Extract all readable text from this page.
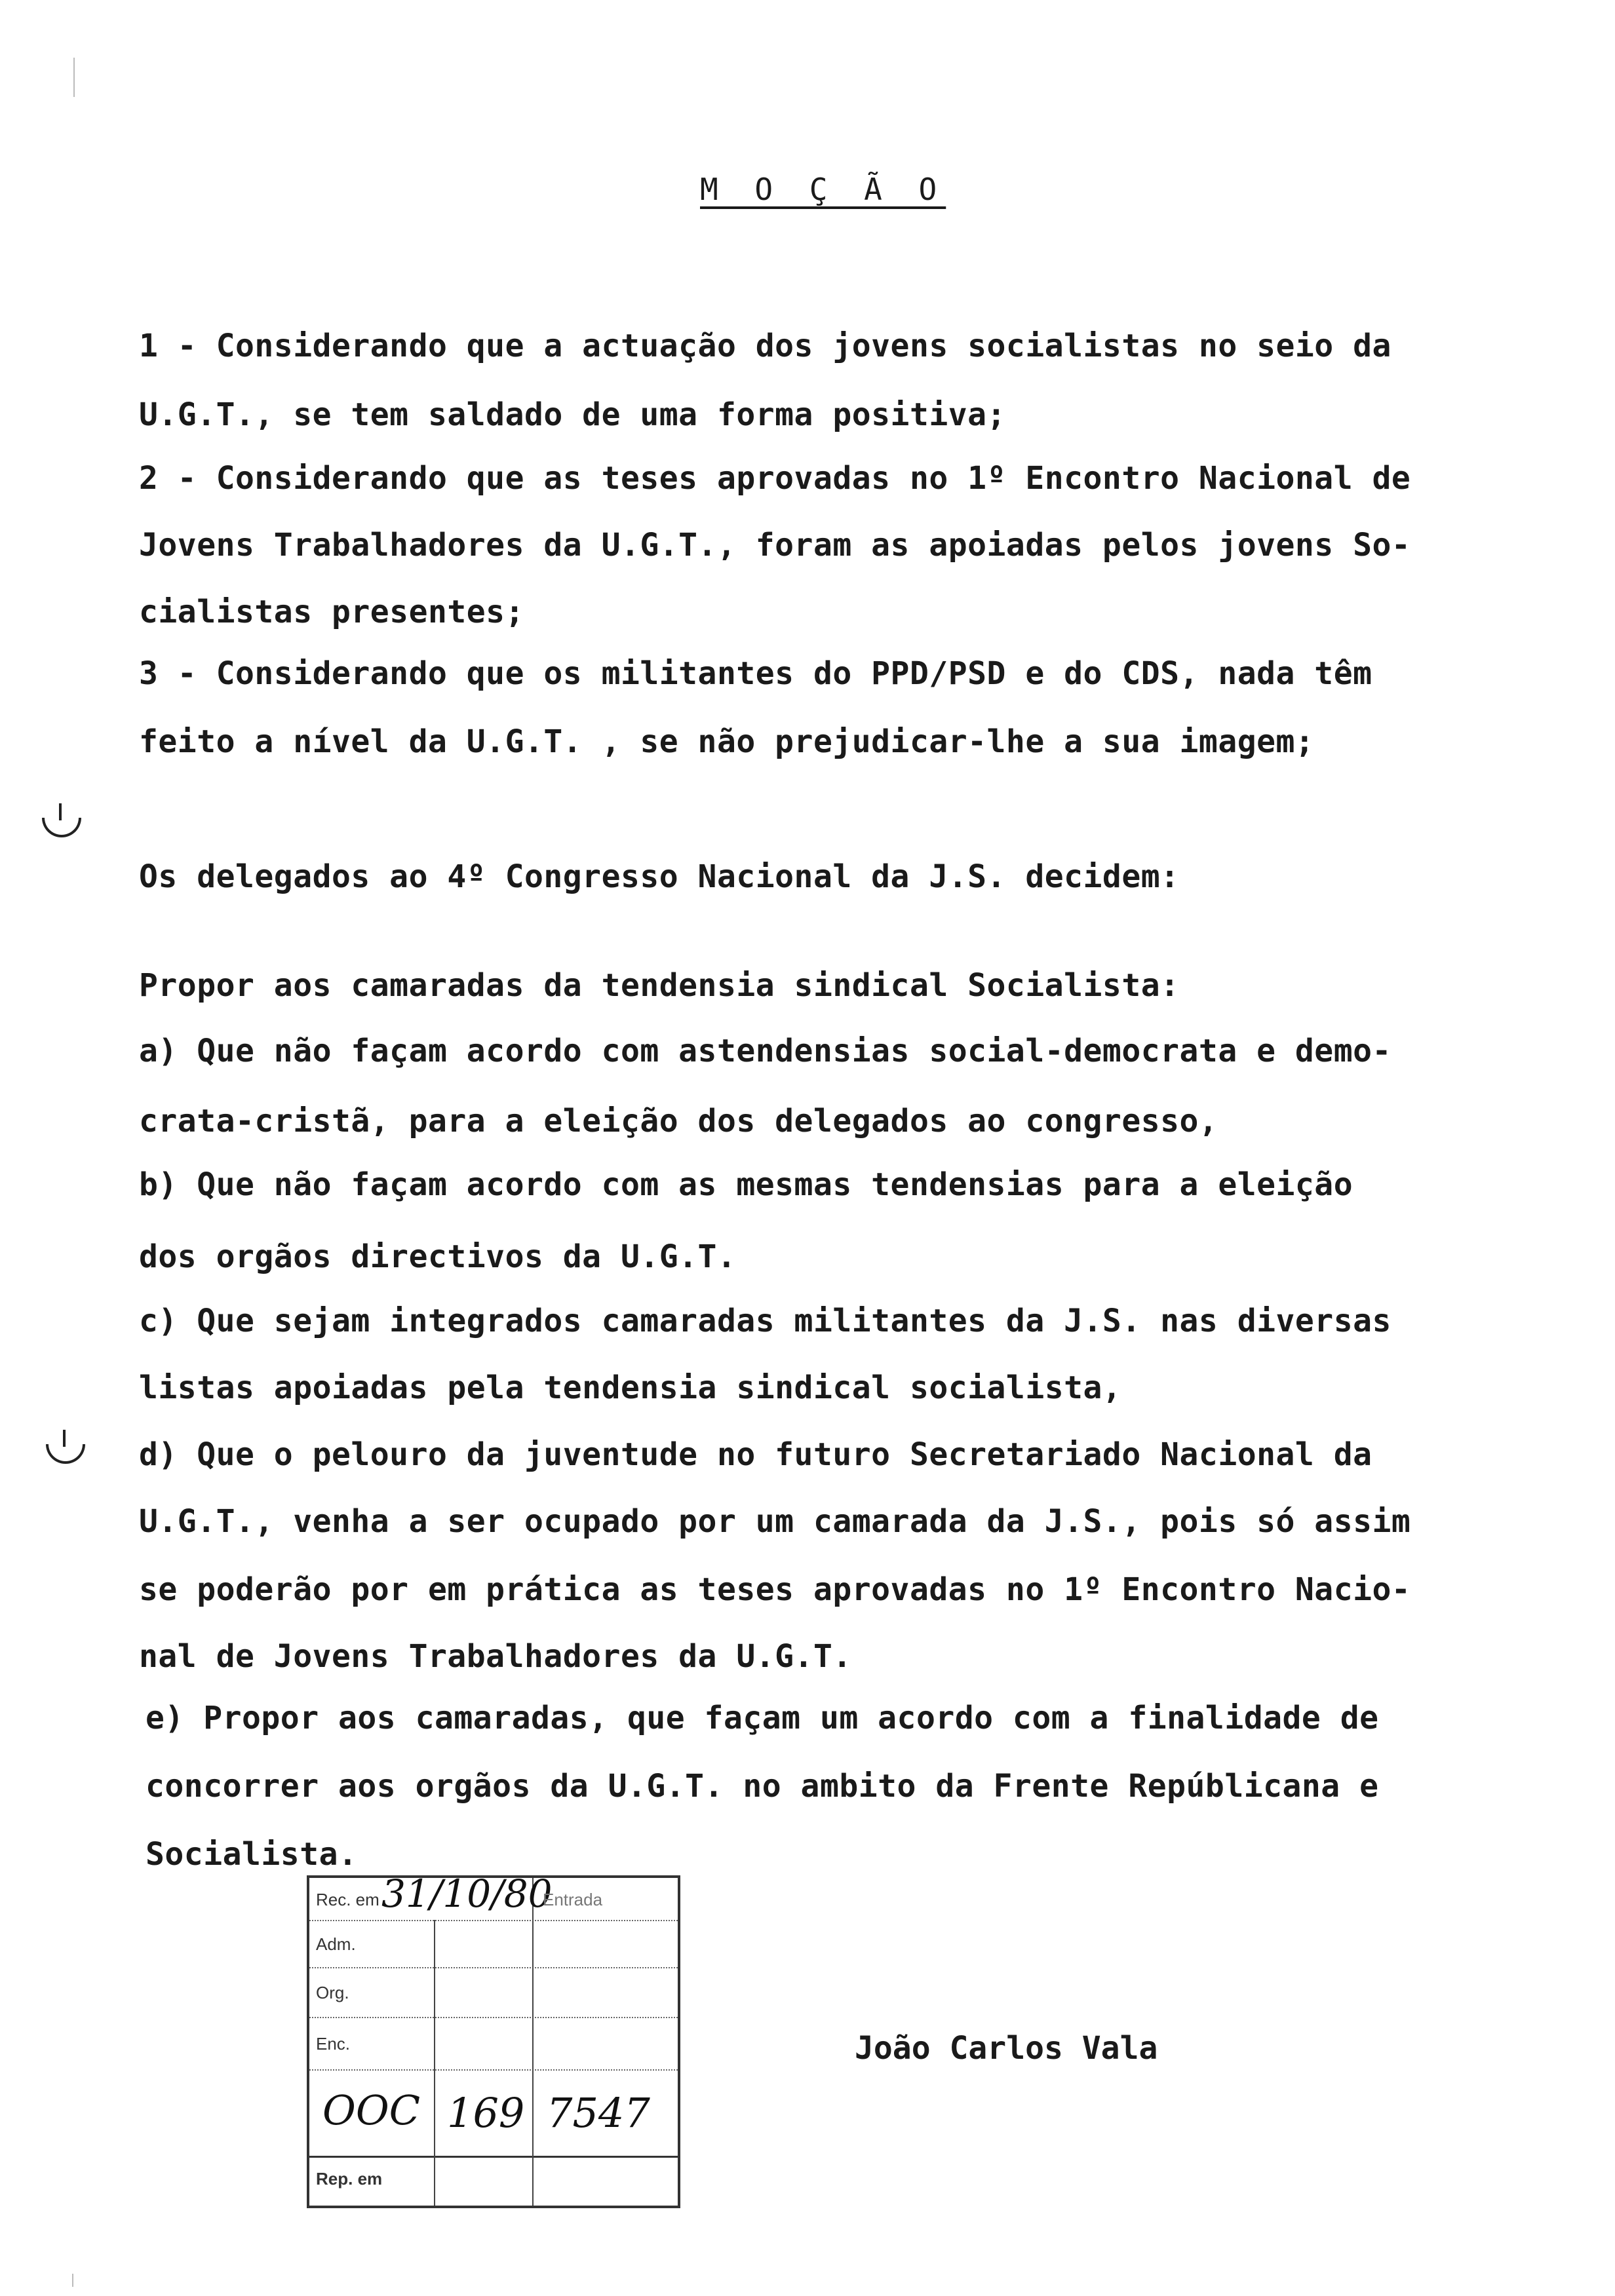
M O Ç Ã O
1 - Considerando que a actuação dos jovens socialistas no seio da
U.G.T., se tem saldado de uma forma positiva;
2 - Considerando que as teses aprovadas no 1º Encontro Nacional de
Jovens Trabalhadores da U.G.T., foram as apoiadas pelos jovens So-
cialistas presentes;
3 - Considerando que os militantes do PPD/PSD e do CDS, nada têm
feito a nível da U.G.T. , se não prejudicar-lhe a sua imagem;
Os delegados ao 4º Congresso Nacional da J.S. decidem:
Propor aos camaradas da tendensia sindical Socialista:
a) Que não façam acordo com astendensias social-democrata e demo-
crata-cristã, para a eleição dos delegados ao congresso,
b) Que não façam acordo com as mesmas tendensias para a eleição
dos orgãos directivos da U.G.T.
c) Que sejam integrados camaradas militantes da J.S. nas diversas
listas apoiadas pela tendensia sindical socialista,
d) Que o pelouro da juventude no futuro Secretariado Nacional da
U.G.T., venha a ser ocupado por um camarada da J.S., pois só assim
se poderão por em prática as teses aprovadas no 1º Encontro Nacio-
nal de Jovens Trabalhadores da U.G.T.
e) Propor aos camaradas, que façam um acordo com a finalidade de
concorrer aos orgãos da U.G.T. no ambito da Frente Repúblicana e
Socialista.
Rec. em 31/10/80
Entrada
Adm.
Org.
Enc.
OOC 169 7547
Rep. em
João Carlos Vala
